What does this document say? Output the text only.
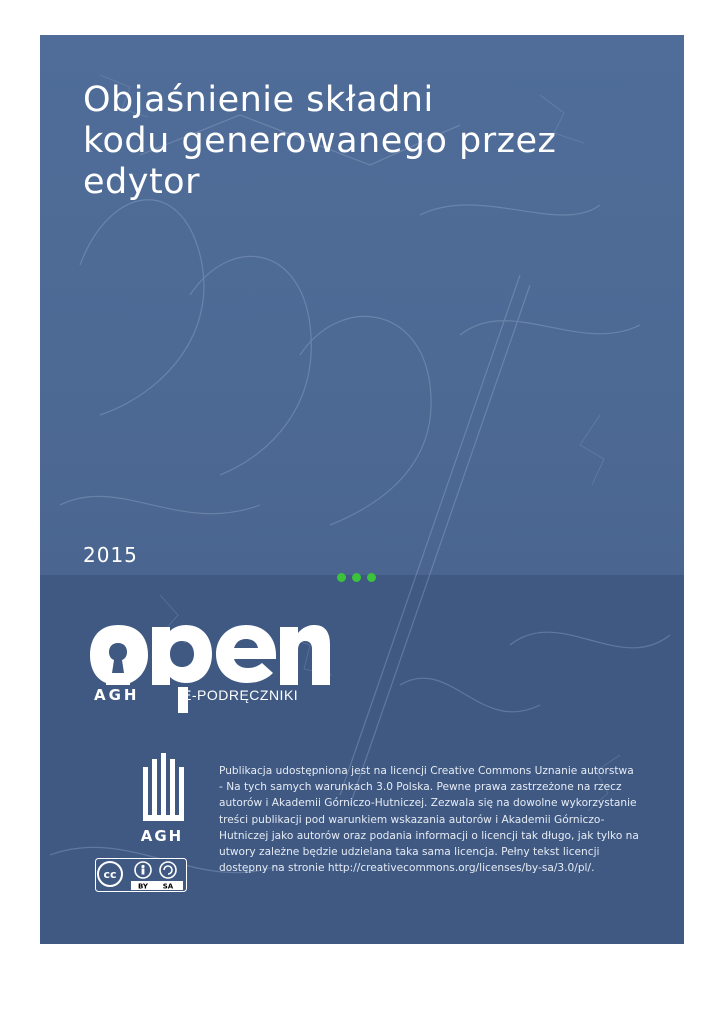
Objaśnienie składni
kodu generowanego przez
edytor
2015
AGH	E-PODRĘCZNIKI
AGH
cc
BY SA

Publikacja udostępniona jest na licencji Creative Commons Uznanie autorstwa - Na tych samych warunkach 3.0 Polska. Pewne prawa zastrzeżone na rzecz autorów i Akademii Górniczo-Hutniczej. Zezwala się na dowolne wykorzystanie treści publikacji pod warunkiem wskazania autorów i Akademii Górniczo-Hutniczej jako autorów oraz podania informacji o licencji tak długo, jak tylko na utwory zależne będzie udzielana taka sama licencja. Pełny tekst licencji dostępny na stronie http://creativecommons.org/licenses/by-sa/3.0/pl/.
